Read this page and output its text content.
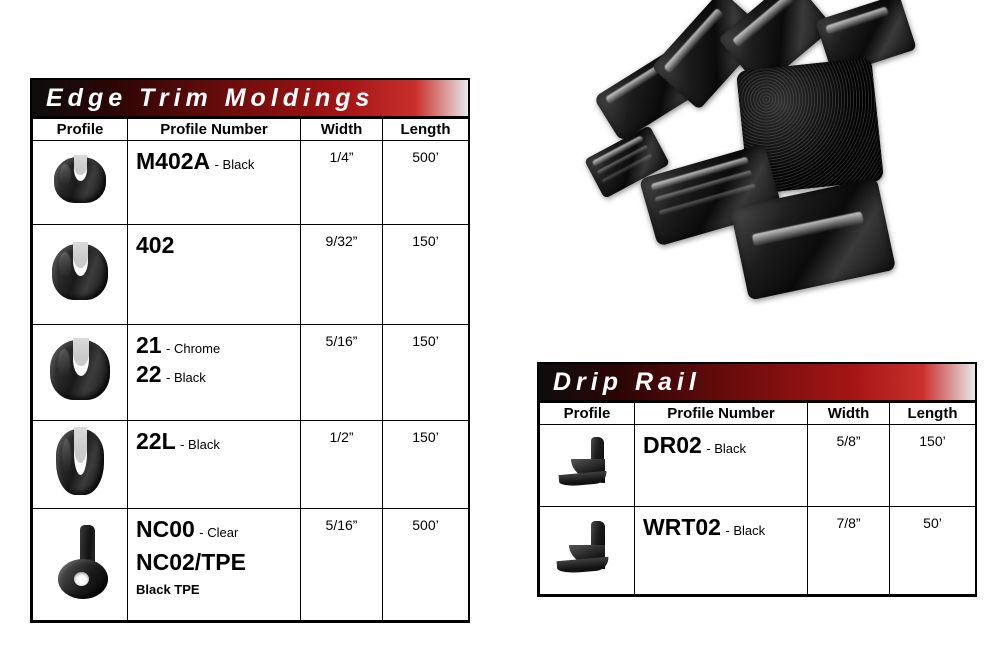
Edge Trim Moldings
Profile	Profile Number	Width	Length

	M402A - Black	1/4”	500’

	402	9/32”	150’

	21 - Chrome
22 - Black	5/16”	150’

	22L - Black	1/2”	150’

	NC00 - Clear
NC02/TPE
Black TPE	5/16”	500’
Drip Rail
Profile	Profile Number	Width	Length

	DR02 - Black	5/8”	150’

	WRT02 - Black	7/8”	50’
